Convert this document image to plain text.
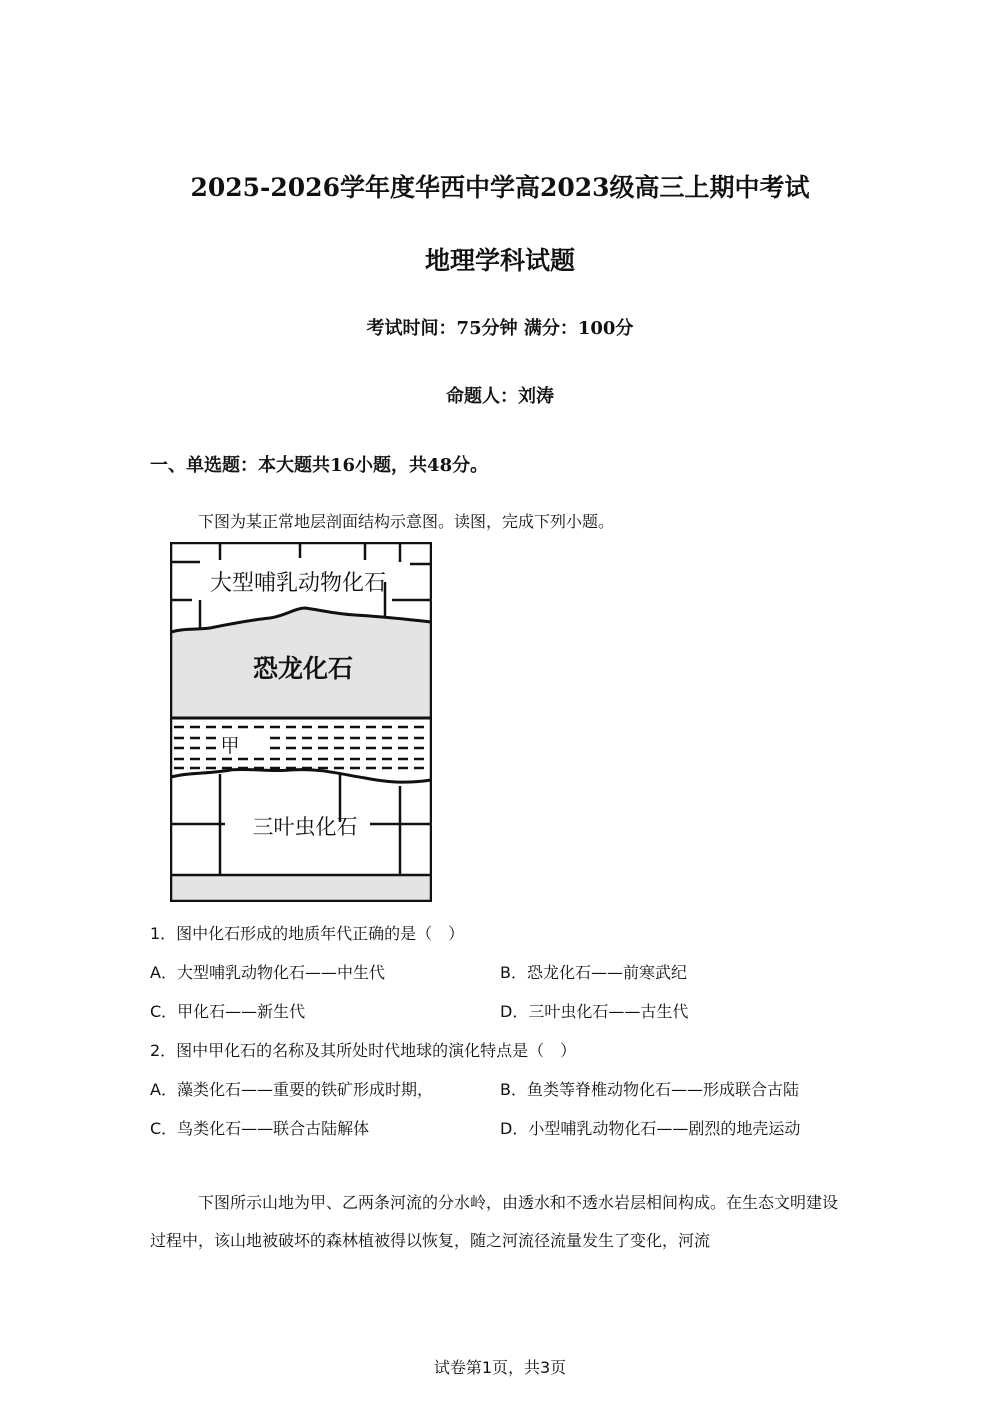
2025-2026学年度华西中学高2023级高三上期中考试
地理学科试题
考试时间：75分钟 满分：100分
命题人：刘涛
一、单选题：本大题共16小题，共48分。
下图为某正常地层剖面结构示意图。读图，完成下列小题。
大型哺乳动物化石
恐龙化石
甲
三叶虫化石
1．图中化石形成的地质年代正确的是（　）
A．大型哺乳动物化石——中生代	B．恐龙化石——前寒武纪
C．甲化石——新生代	D．三叶虫化石——古生代
2．图中甲化石的名称及其所处时代地球的演化特点是（　）
A．藻类化石——重要的铁矿形成时期，	B．鱼类等脊椎动物化石——形成联合古陆
C．鸟类化石——联合古陆解体	D．小型哺乳动物化石——剧烈的地壳运动
下图所示山地为甲、乙两条河流的分水岭，由透水和不透水岩层相间构成。在生态文明建设过程中，该山地被破坏的森林植被得以恢复，随之河流径流量发生了变化，河流
试卷第1页，共3页
